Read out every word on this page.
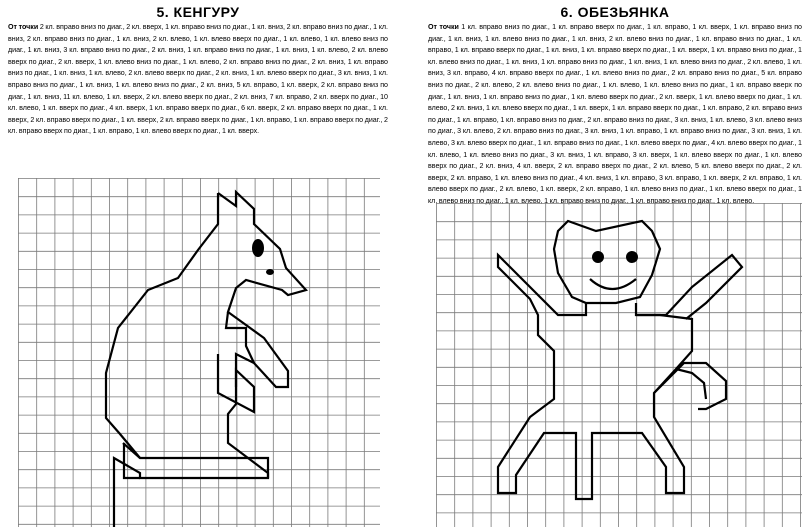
5. КЕНГУРУ
От точки 2 кл. вправо вниз по диаг., 2 кл. вверх, 1 кл. вправо вниз по диаг., 1 кл. вниз, 2 кл. вправо вниз по диаг., 1 кл. вниз, 2 кл. вправо вниз по диаг., 1 кл. вниз, 2 кл. влево, 1 кл. влево вверх по диаг., 1 кл. влево, 1 кл. влево вниз по диаг., 1 кл. вниз, 3 кл. вправо вниз по диаг., 2 кл. вниз, 1 кл. вправо вниз по диаг., 1 кл. вниз, 1 кл. влево, 2 кл. влево вверх по диаг., 2 кл. вверх, 1 кл. влево вниз по диаг., 1 кл. влево, 2 кл. вправо вниз по диаг., 2 кл. вниз, 1 кл. вправо вниз по диаг., 1 кл. вниз, 1 кл. влево, 2 кл. влево вверх по диаг., 2 кл. вниз, 1 кл. влево вверх по диаг., 3 кл. вниз, 1 кл. вправо вниз по диаг., 1 кл. вниз, 1 кл. влево вниз по диаг., 2 кл. вниз, 5 кл. вправо, 1 кл. вверх, 2 кл. вправо вниз по диаг., 1 кл. вниз, 11 кл. влево, 1 кл. вверх, 2 кл. влево вверх по диаг., 2 кл. вниз, 7 кл. вправо, 2 кл. вверх по диаг., 10 кл. влево, 1 кл. вверх по диаг., 4 кл. вверх, 1 кл. вправо вверх по диаг., 6 кл. вверх, 2 кл. вправо вверх по диаг., 1 кл. вверх, 2 кл. вправо вверх по диаг., 1 кл. вверх, 2 кл. вправо вверх по диаг., 1 кл. вправо, 1 кл. вправо вверх по диаг., 2 кл. вправо вверх по диаг., 1 кл. вправо, 1 кл. влево вверх по диаг., 1 кл. вверх.
6. ОБЕЗЬЯНКА
От точки 1 кл. вправо вниз по диаг., 1 кл. вправо вверх по диаг., 1 кл. вправо, 1 кл. вверх, 1 кл. вправо вниз по диаг., 1 кл. вниз, 1 кл. влево вниз по диаг., 1 кл. вниз, 2 кл. влево вниз по диаг., 1 кл. вправо вниз по диаг., 1 кл. вправо, 1 кл. вправо вверх по диаг., 1 кл. вниз, 1 кл. вправо вверх по диаг., 1 кл. вверх, 1 кл. вправо вниз по диаг., 1 кл. влево вниз по диаг., 1 кл. вниз, 1 кл. вправо вниз по диаг., 1 кл. вниз, 1 кл. влево вниз по диаг., 2 кл. влево, 1 кл. вниз, 3 кл. вправо, 4 кл. вправо вверх по диаг., 1 кл. влево вниз по диаг., 2 кл. вправо вниз по диаг., 5 кл. вправо вниз по диаг., 2 кл. влево, 2 кл. влево вниз по диаг., 1 кл. влево, 1 кл. влево вниз по диаг., 1 кл. вправо вверх по диаг., 1 кл. вниз, 1 кл. вправо вниз по диаг., 1 кл. влево вверх по диаг., 2 кл. вверх, 1 кл. влево вверх по диаг., 1 кл. влево, 2 кл. вниз, 1 кл. влево вверх по диаг., 1 кл. вверх, 1 кл. вправо вверх по диаг., 1 кл. вправо, 2 кл. вправо вниз по диаг., 1 кл. вправо, 1 кл. вправо вниз по диаг., 2 кл. вправо вниз по диаг., 3 кл. вниз, 1 кл. влево, 3 кл. влево вниз по диаг., 3 кл. влево, 2 кл. вправо вниз по диаг., 3 кл. вниз, 1 кл. вправо, 1 кл. вправо вниз по диаг., 3 кл. вниз, 1 кл. влево, 3 кл. влево вверх по диаг., 1 кл. вправо вниз по диаг., 1 кл. влево вверх по диаг., 4 кл. влево вверх по диаг., 1 кл. влево, 1 кл. влево вниз по диаг., 3 кл. вниз, 1 кл. вправо, 3 кл. вверх, 1 кл. влево вверх по диаг., 1 кл. влево вверх по диаг., 2 кл. вниз, 4 кл. вверх, 2 кл. вправо вверх по диаг., 2 кл. влево, 5 кл. влево вверх по диаг., 2 кл. вверх, 2 кл. вправо, 1 кл. влево вниз по диаг., 4 кл. вниз, 1 кл. вправо, 3 кл. вправо, 1 кл. вверх, 2 кл. вправо, 1 кл. влево вверх по диаг., 2 кл. влево, 1 кл. вверх, 2 кл. вправо, 1 кл. влево вниз по диаг., 1 кл. влево вверх по диаг., 1 кл. влево вниз по диаг., 1 кл. влево, 1 кл. вправо вниз по диаг., 1 кл. вправо вниз по диаг., 1 кл. влево.
